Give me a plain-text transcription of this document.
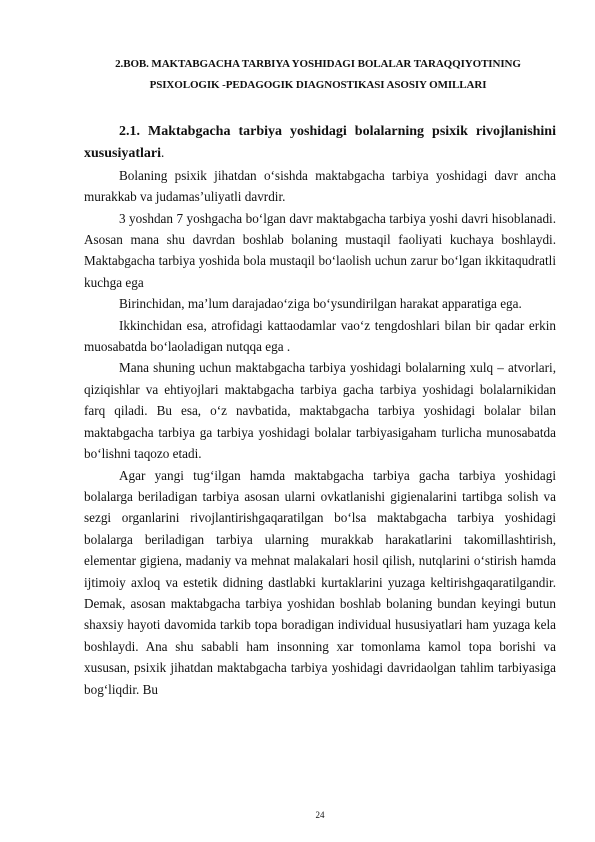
2.BOB. MAKTABGACHA TARBIYA YOSHIDAGI BOLALAR TARAQQIYOTINING
PSIXOLOGIK -PEDAGOGIK DIAGNOSTIKASI ASOSIY OMILLARI

2.1. Maktabgacha tarbiya yoshidagi bolalarning psixik rivojlanishini xususiyatlari.

Bolaning psixik jihatdan o‘sishda maktabgacha tarbiya yoshidagi davr ancha murakkab va judamas’uliyatli davrdir.

3 yoshdan 7 yoshgacha bo‘lgan davr maktabgacha tarbiya yoshi davri hisoblanadi. Asosan mana shu davrdan boshlab bolaning mustaqil faoliyati kuchaya boshlaydi. Maktabgacha tarbiya yoshida bola mustaqil bo‘laolish uchun zarur bo‘lgan ikkitaqudratli kuchga ega

Birinchidan, ma’lum darajadao‘ziga bo‘ysundirilgan harakat apparatiga ega.

Ikkinchidan esa, atrofidagi kattaodamlar vao‘z tengdoshlari bilan bir qadar erkin muosabatda bo‘laoladigan nutqqa ega .

Mana shuning uchun maktabgacha tarbiya yoshidagi bolalarning xulq – atvorlari, qiziqishlar va ehtiyojlari maktabgacha tarbiya gacha tarbiya yoshidagi bolalarnikidan farq qiladi. Bu esa, o‘z navbatida, maktabgacha tarbiya yoshidagi bolalar bilan maktabgacha tarbiya ga tarbiya yoshidagi bolalar tarbiyasigaham turlicha munosabatda bo‘lishni taqozo etadi.

Agar yangi tug‘ilgan hamda maktabgacha tarbiya gacha tarbiya yoshidagi bolalarga beriladigan tarbiya asosan ularni ovkatlanishi gigienalarini tartibga solish va sezgi organlarini rivojlantirishgaqaratilgan bo‘lsa maktabgacha tarbiya yoshidagi bolalarga beriladigan tarbiya ularning murakkab harakatlarini takomillashtirish, elementar gigiena, madaniy va mehnat malakalari hosil qilish, nutqlarini o‘stirish hamda ijtimoiy axloq va estetik didning dastlabki kurtaklarini yuzaga keltirishgaqaratilgandir. Demak, asosan maktabgacha tarbiya yoshidan boshlab bolaning bundan keyingi butun shaxsiy hayoti davomida tarkib topa boradigan individual hususiyatlari ham yuzaga kela boshlaydi. Ana shu sababli ham insonning xar tomonlama kamol topa borishi va xususan, psixik jihatdan maktabgacha tarbiya yoshidagi davridaolgan tahlim tarbiyasiga bog‘liqdir. Bu

24
